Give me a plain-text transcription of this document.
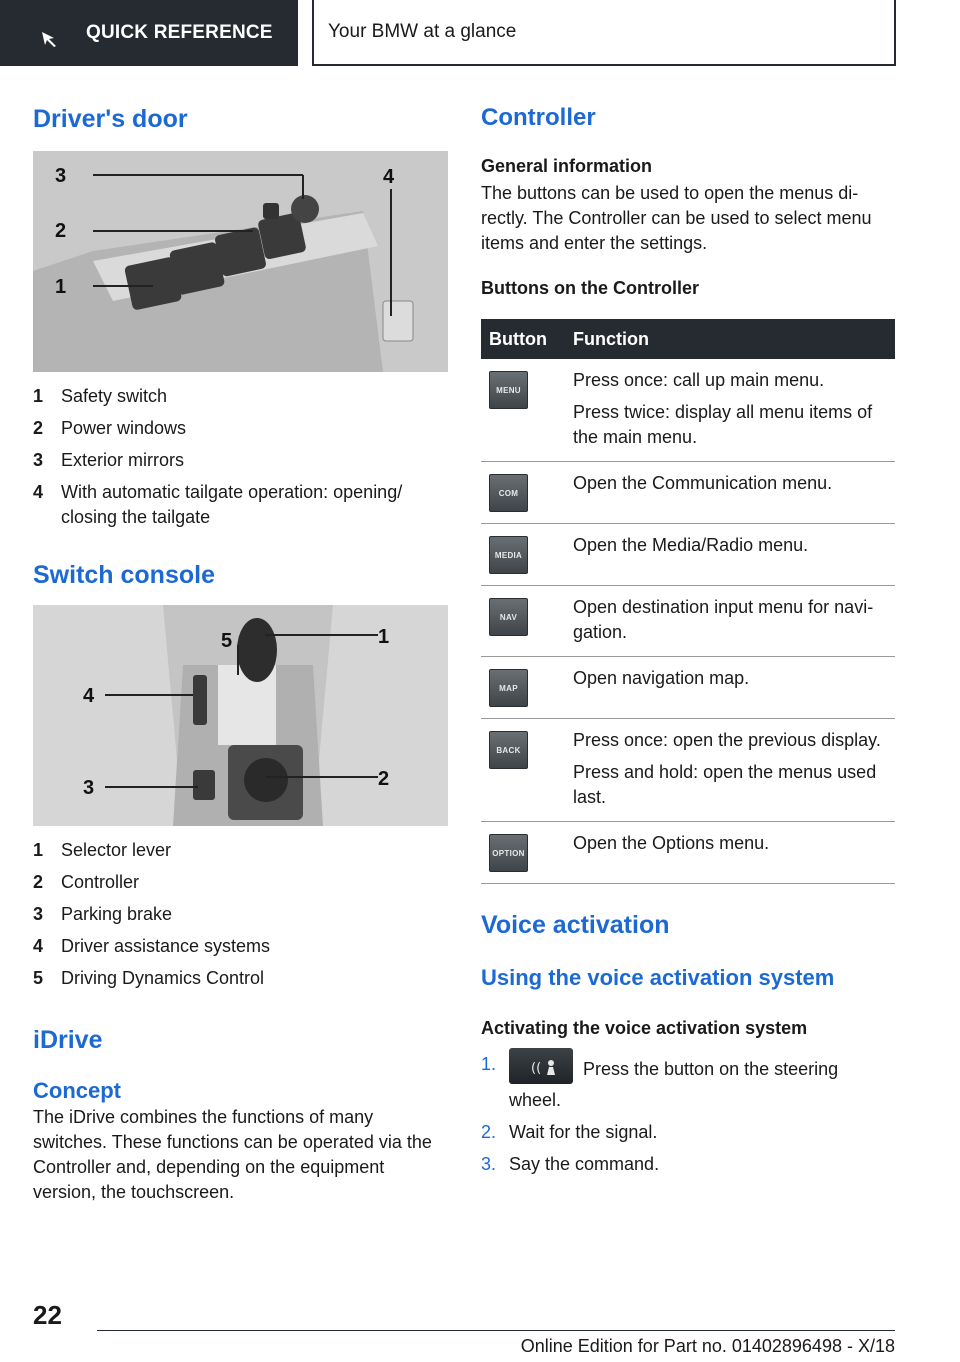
QUICK REFERENCE	Your BMW at a glance
Driver's door
3
2
1
4
1 Safety switch
2 Power windows
3 Exterior mirrors
4 With automatic tailgate operation: opening/
closing the tailgate
Switch console
5	1
4
3	2
1 Selector lever
2 Controller
3 Parking brake
4 Driver assistance systems
5 Driving Dynamics Control
iDrive
Concept

The iDrive combines the functions of many switches. These functions can be operated via the Controller and, depending on the equipment version, the touchscreen.

Controller
General information

The buttons can be used to open the menus directly. The Controller can be used to select menu items and enter the settings.

Buttons on the Controller
Button	Function

MENU	Press once: call up main menu.

Press twice: display all menu items of the main menu.

COM	Open the Communication menu.

MEDIA	Open the Media/Radio menu.

NAV	Open destination input menu for navigation.

MAP	Open navigation map.

BACK	Press once: open the previous display.

Press and hold: open the menus used last.

OPTION	Open the Options menu.

Voice activation
Using the voice activation system
Activating the voice activation system
1.	(( Press the button on the steering wheel.
2. Wait for the signal.
3. Say the command.
22
Online Edition for Part no. 01402896498 - X/18
